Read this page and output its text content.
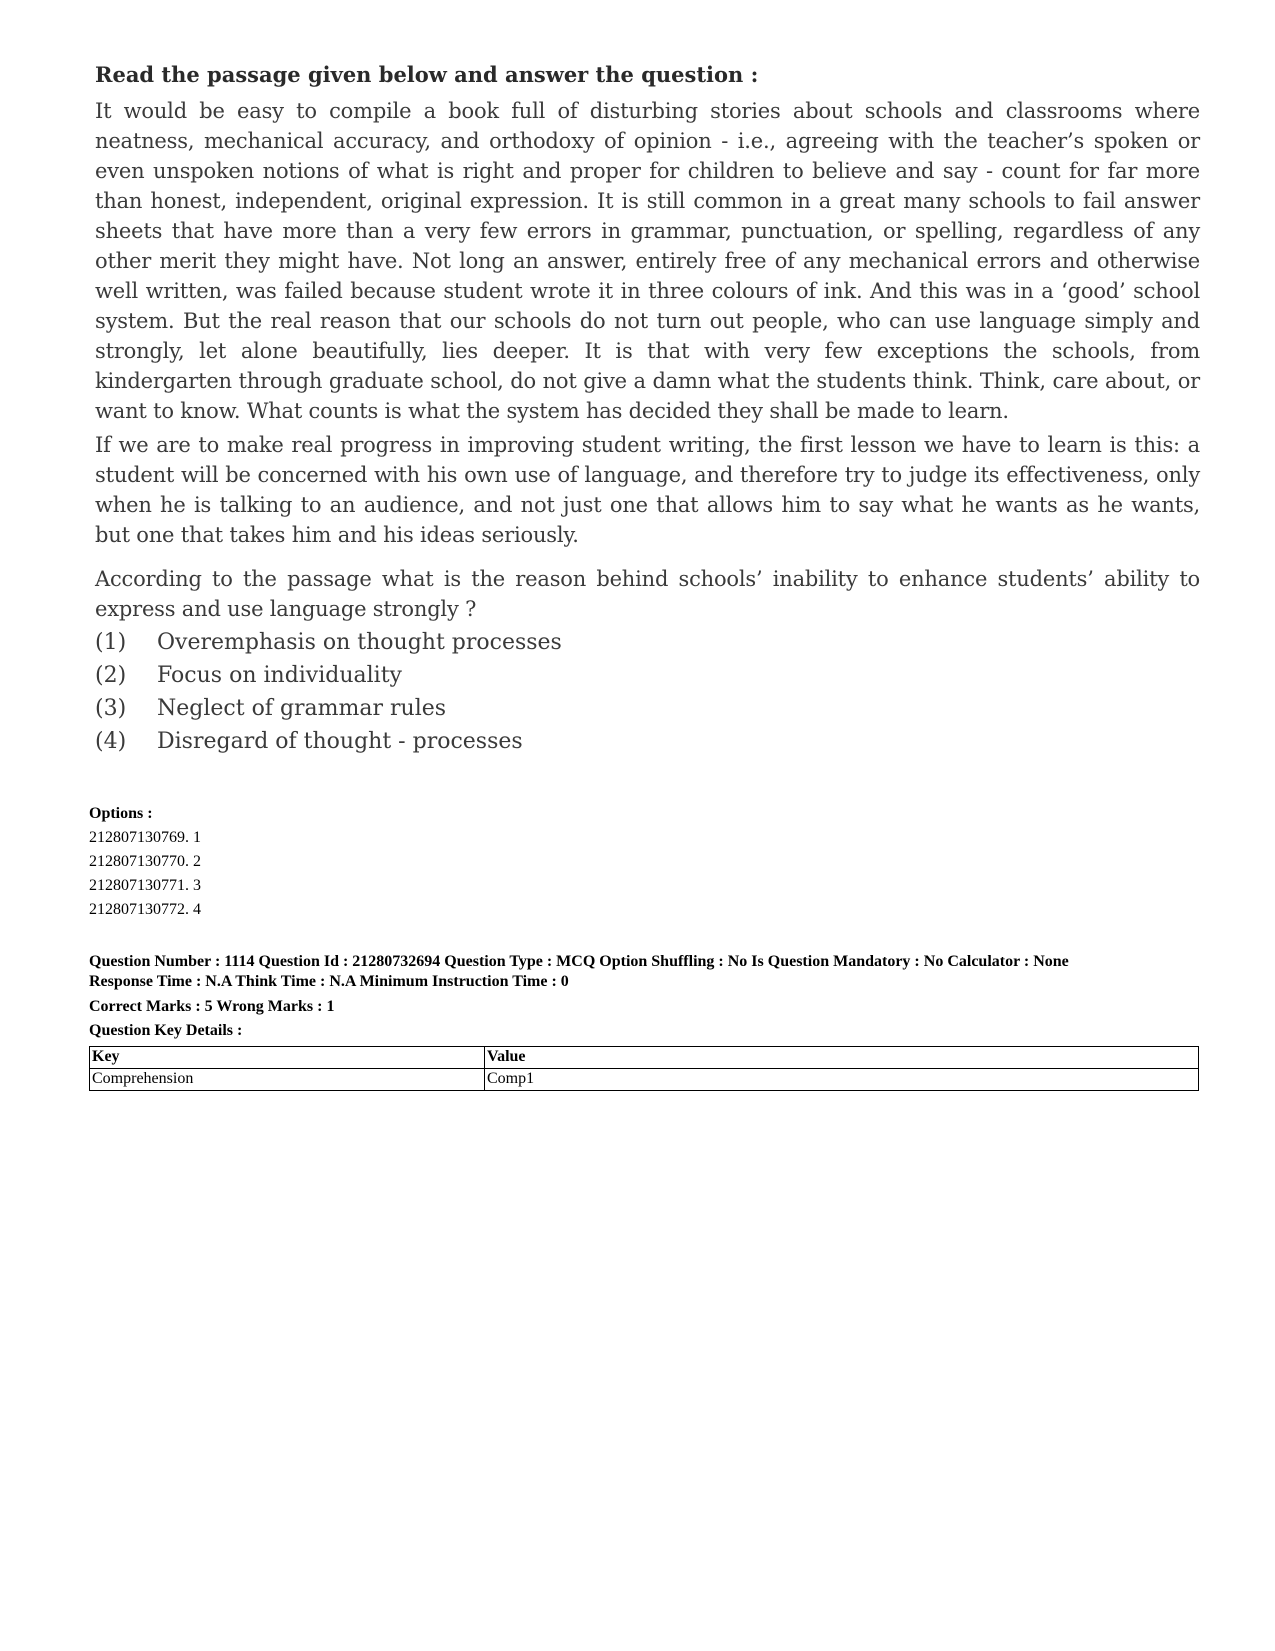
Read the passage given below and answer the question :

It would be easy to compile a book full of disturbing stories about schools and classrooms where neatness, mechanical accuracy, and orthodoxy of opinion - i.e., agreeing with the teacher’s spoken or even unspoken notions of what is right and proper for children to believe and say - count for far more than honest, independent, original expression. It is still common in a great many schools to fail answer sheets that have more than a very few errors in grammar, punctuation, or spelling, regardless of any other merit they might have. Not long an answer, entirely free of any mechanical errors and otherwise well written, was failed because student wrote it in three colours of ink. And this was in a ‘good’ school system. But the real reason that our schools do not turn out people, who can use language simply and strongly, let alone beautifully, lies deeper. It is that with very few exceptions the schools, from kindergarten through graduate school, do not give a damn what the students think. Think, care about, or want to know. What counts is what the system has decided they shall be made to learn.

If we are to make real progress in improving student writing, the first lesson we have to learn is this: a student will be concerned with his own use of language, and therefore try to judge its effectiveness, only when he is talking to an audience, and not just one that allows him to say what he wants as he wants, but one that takes him and his ideas seriously.

According to the passage what is the reason behind schools’ inability to enhance students’ ability to express and use language strongly ?

(1)	Overemphasis on thought processes
(2)	Focus on individuality
(3)	Neglect of grammar rules
(4)	Disregard of thought - processes
Options :
212807130769. 1
212807130770. 2
212807130771. 3
212807130772. 4
Question Number : 1114 Question Id : 21280732694 Question Type : MCQ Option Shuffling : No Is Question Mandatory : No Calculator : None
Response Time : N.A Think Time : N.A Minimum Instruction Time : 0
Correct Marks : 5 Wrong Marks : 1
Question Key Details :
Key	Value
Comprehension	Comp1
